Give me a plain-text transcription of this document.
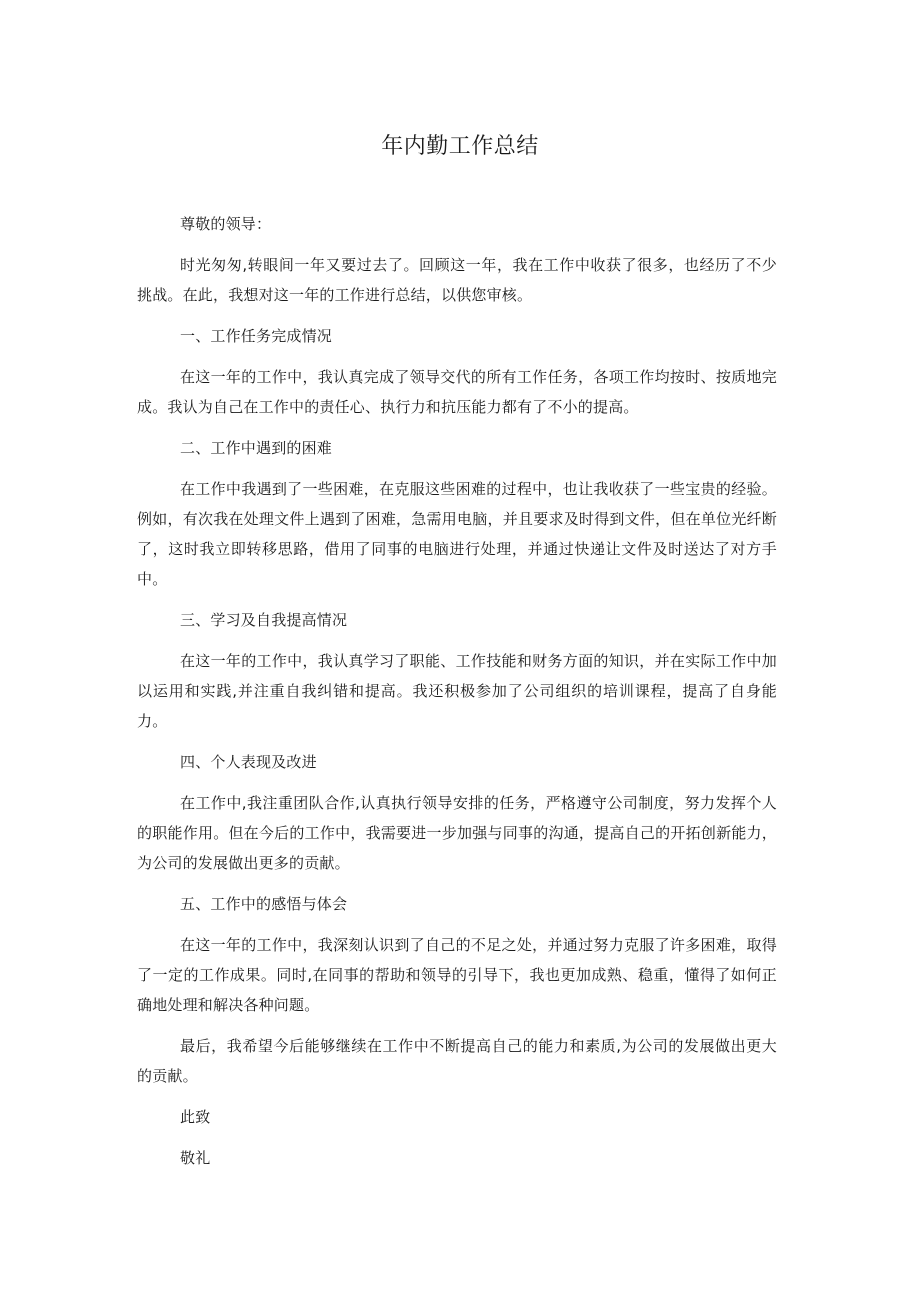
年内勤工作总结

尊敬的领导：

时光匆匆,转眼间一年又要过去了。回顾这一年，我在工作中收获了很多，也经历了不少挑战。在此，我想对这一年的工作进行总结，以供您审核。

一、工作任务完成情况

在这一年的工作中，我认真完成了领导交代的所有工作任务，各项工作均按时、按质地完成。我认为自己在工作中的责任心、执行力和抗压能力都有了不小的提高。

二、工作中遇到的困难

在工作中我遇到了一些困难，在克服这些困难的过程中，也让我收获了一些宝贵的经验。例如，有次我在处理文件上遇到了困难，急需用电脑，并且要求及时得到文件，但在单位光纤断了，这时我立即转移思路，借用了同事的电脑进行处理，并通过快递让文件及时送达了对方手中。

三、学习及自我提高情况

在这一年的工作中，我认真学习了职能、工作技能和财务方面的知识，并在实际工作中加以运用和实践,并注重自我纠错和提高。我还积极参加了公司组织的培训课程，提高了自身能力。

四、个人表现及改进

在工作中,我注重团队合作,认真执行领导安排的任务，严格遵守公司制度，努力发挥个人的职能作用。但在今后的工作中，我需要进一步加强与同事的沟通，提高自己的开拓创新能力，为公司的发展做出更多的贡献。

五、工作中的感悟与体会

在这一年的工作中，我深刻认识到了自己的不足之处，并通过努力克服了许多困难，取得了一定的工作成果。同时,在同事的帮助和领导的引导下，我也更加成熟、稳重，懂得了如何正确地处理和解决各种问题。

最后，我希望今后能够继续在工作中不断提高自己的能力和素质,为公司的发展做出更大的贡献。

此致

敬礼
